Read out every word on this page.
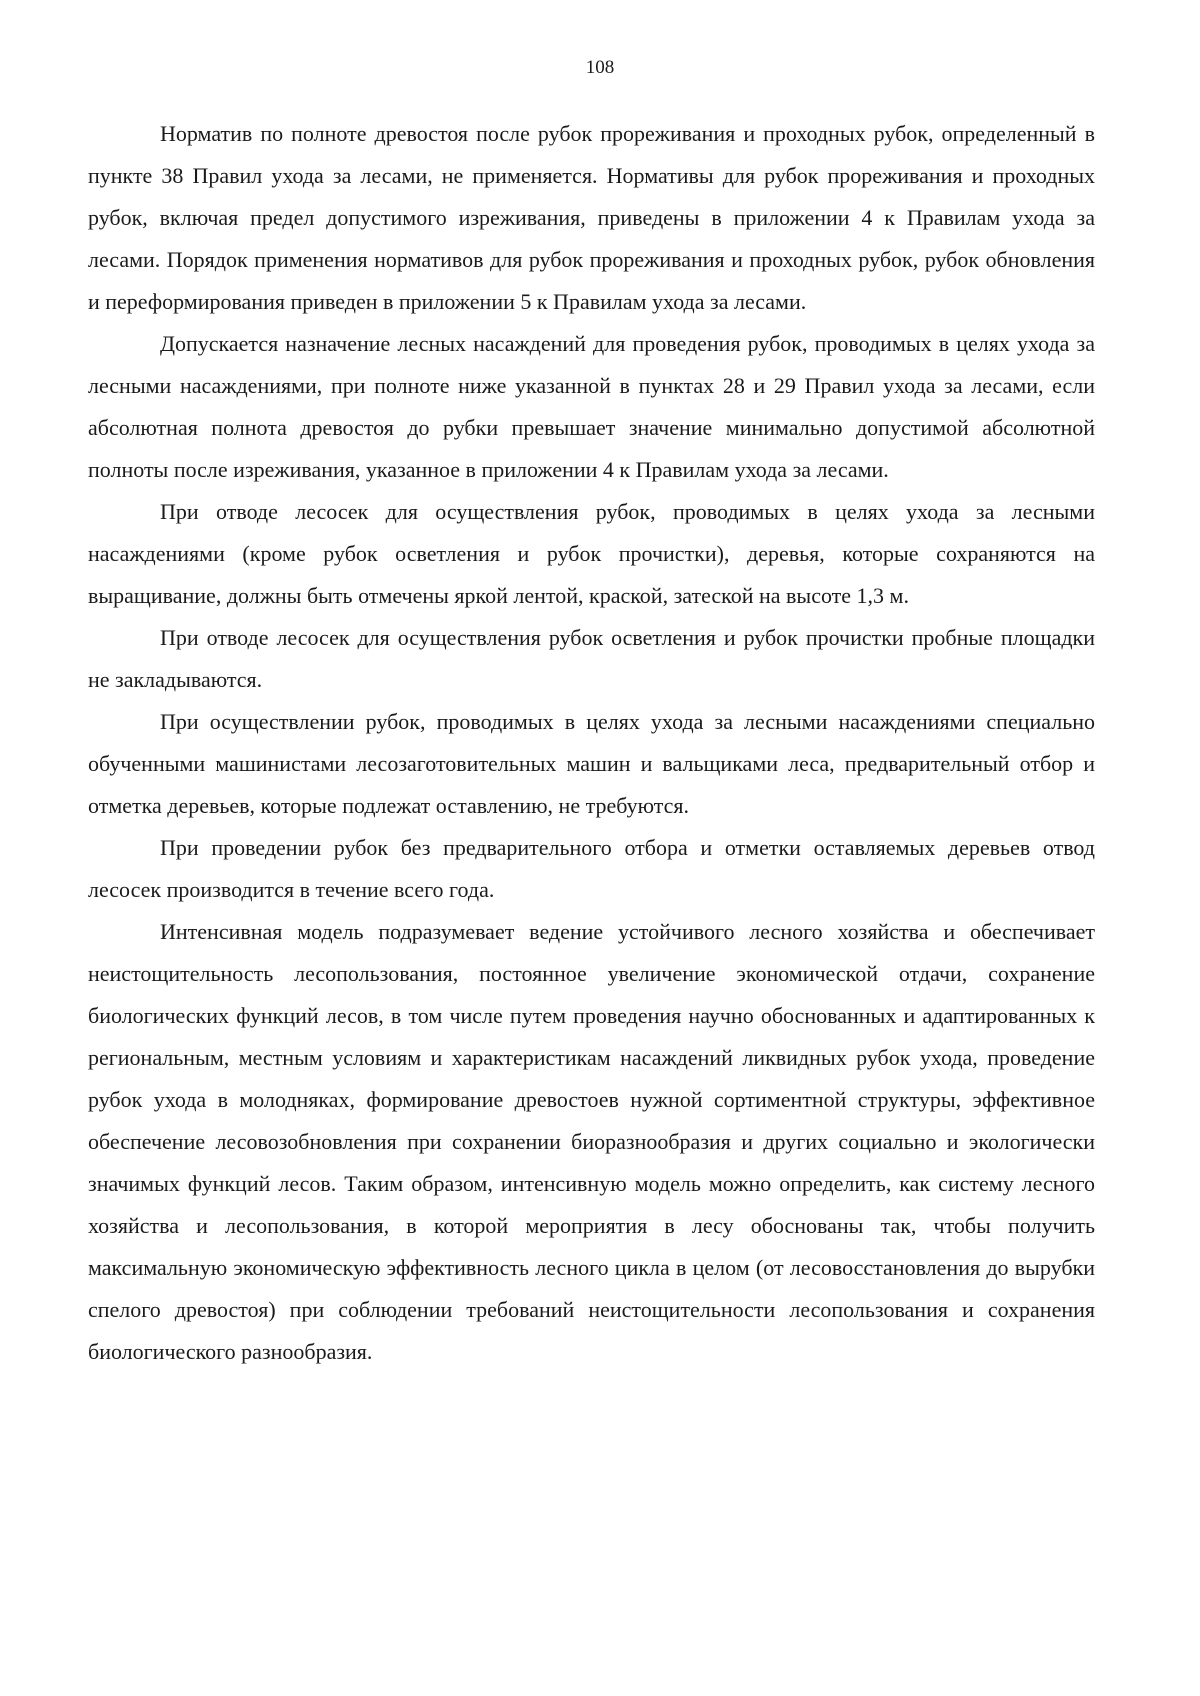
108

Норматив по полноте древостоя после рубок прореживания и проходных рубок, определенный в пункте 38 Правил ухода за лесами, не применяется. Нормативы для рубок прореживания и проходных рубок, включая предел допустимого изреживания, приведены в приложении 4 к Правилам ухода за лесами. Порядок применения нормативов для рубок прореживания и проходных рубок, рубок обновления и переформирования приведен в приложении 5 к Правилам ухода за лесами.

Допускается назначение лесных насаждений для проведения рубок, проводимых в целях ухода за лесными насаждениями, при полноте ниже указанной в пунктах 28 и 29 Правил ухода за лесами, если абсолютная полнота древостоя до рубки превышает значение минимально допустимой абсолютной полноты после изреживания, указанное в приложении 4 к Правилам ухода за лесами.

При отводе лесосек для осуществления рубок, проводимых в целях ухода за лесными насаждениями (кроме рубок осветления и рубок прочистки), деревья, которые сохраняются на выращивание, должны быть отмечены яркой лентой, краской, затеской на высоте 1,3 м.

При отводе лесосек для осуществления рубок осветления и рубок прочистки пробные площадки не закладываются.

При осуществлении рубок, проводимых в целях ухода за лесными насаждениями специально обученными машинистами лесозаготовительных машин и вальщиками леса, предварительный отбор и отметка деревьев, которые подлежат оставлению, не требуются.

При проведении рубок без предварительного отбора и отметки оставляемых деревьев отвод лесосек производится в течение всего года.

Интенсивная модель подразумевает ведение устойчивого лесного хозяйства и обеспечивает неистощительность лесопользования, постоянное увеличение экономической отдачи, сохранение биологических функций лесов, в том числе путем проведения научно обоснованных и адаптированных к региональным, местным условиям и характеристикам насаждений ликвидных рубок ухода, проведение рубок ухода в молодняках, формирование древостоев нужной сортиментной структуры, эффективное обеспечение лесовозобновления при сохранении биоразнообразия и других социально и экологически значимых функций лесов. Таким образом, интенсивную модель можно определить, как систему лесного хозяйства и лесопользования, в которой мероприятия в лесу обоснованы так, чтобы получить максимальную экономическую эффективность лесного цикла в целом (от лесовосстановления до вырубки спелого древостоя) при соблюдении требований неистощительности лесопользования и сохранения биологического разнообразия.
